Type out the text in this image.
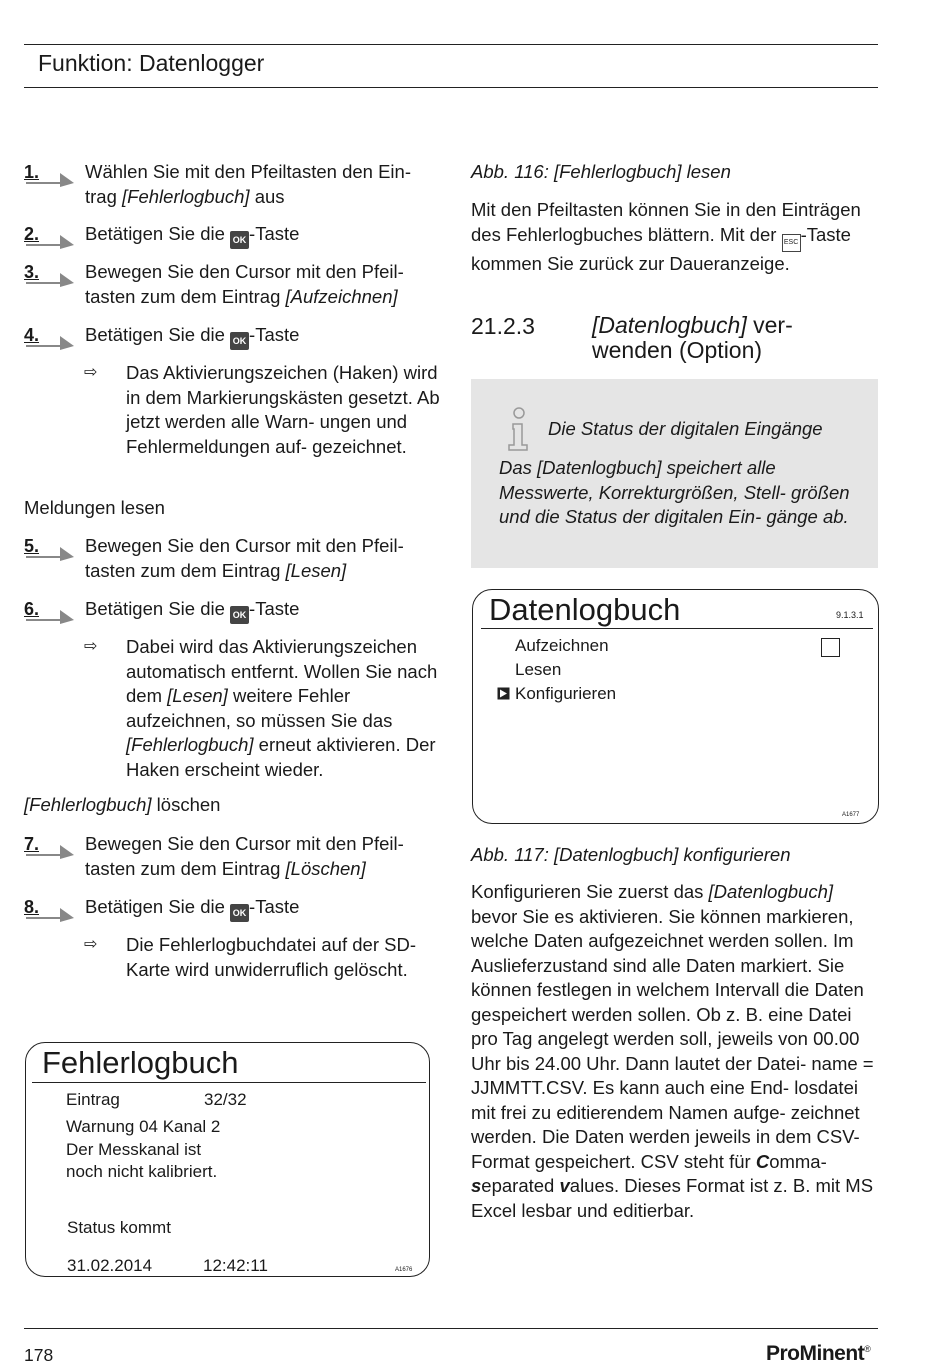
Funktion: Datenlogger
1. Wählen Sie mit den Pfeiltasten den Ein- trag [Fehlerlogbuch] aus
2. Betätigen Sie die OK -Taste
3. Bewegen Sie den Cursor mit den Pfeil- tasten zum dem Eintrag [Aufzeichnen]
4. Betätigen Sie die OK -Taste
⇨ Das Aktivierungszeichen (Haken) wird in dem Markierungskästen gesetzt. Ab jetzt werden alle Warn- ungen und Fehlermeldungen auf- gezeichnet.
Meldungen lesen
5. Bewegen Sie den Cursor mit den Pfeil- tasten zum dem Eintrag [Lesen]
6. Betätigen Sie die OK -Taste
⇨ Dabei wird das Aktivierungszeichen automatisch entfernt. Wollen Sie nach dem [Lesen] weitere Fehler aufzeichnen, so müssen Sie das [Fehlerlogbuch] erneut aktivieren. Der Haken erscheint wieder.
[Fehlerlogbuch] löschen
7. Bewegen Sie den Cursor mit den Pfeil- tasten zum dem Eintrag [Löschen]
8. Betätigen Sie die OK -Taste
⇨ Die Fehlerlogbuchdatei auf der SD- Karte wird unwiderruflich gelöscht.
Fehlerlogbuch
Eintrag	32/32
Warnung 04 Kanal 2
Der Messkanal ist
noch nicht kalibriert.
Status kommt
31.02.2014	12:42:11	A1676
Abb. 116: [Fehlerlogbuch] lesen
Mit den Pfeiltasten können Sie in den Einträgen des Fehlerlogbuches blättern. Mit der ESC -Taste kommen Sie zurück zur Daueranzeige.
21.2.3 [Datenlogbuch] ver-
wenden (Option)
Die Status der digitalen Eingänge
Das [Datenlogbuch] speichert alle Messwerte, Korrekturgrößen, Stell- größen und die Status der digitalen Ein- gänge ab.
Datenlogbuch	9.1.3.1
Aufzeichnen
Lesen
Konfigurieren
A1677
Abb. 117: [Datenlogbuch] konfigurieren
Konfigurieren Sie zuerst das [Datenlogbuch] bevor Sie es aktivieren. Sie können markieren, welche Daten aufgezeichnet werden sollen. Im Auslieferzustand sind alle Daten markiert. Sie können festlegen in welchem Intervall die Daten gespeichert werden sollen. Ob z. B. eine Datei pro Tag angelegt werden soll, jeweils von 00.00 Uhr bis 24.00 Uhr. Dann lautet der Datei- name = JJMMTT.CSV. Es kann auch eine End- losdatei mit frei zu editierendem Namen aufge- zeichnet werden. Die Daten werden jeweils in dem CSV-Format gespeichert. CSV steht für Comma-separated values. Dieses Format ist z. B. mit MS Excel lesbar und editierbar.
178	ProMinent®
